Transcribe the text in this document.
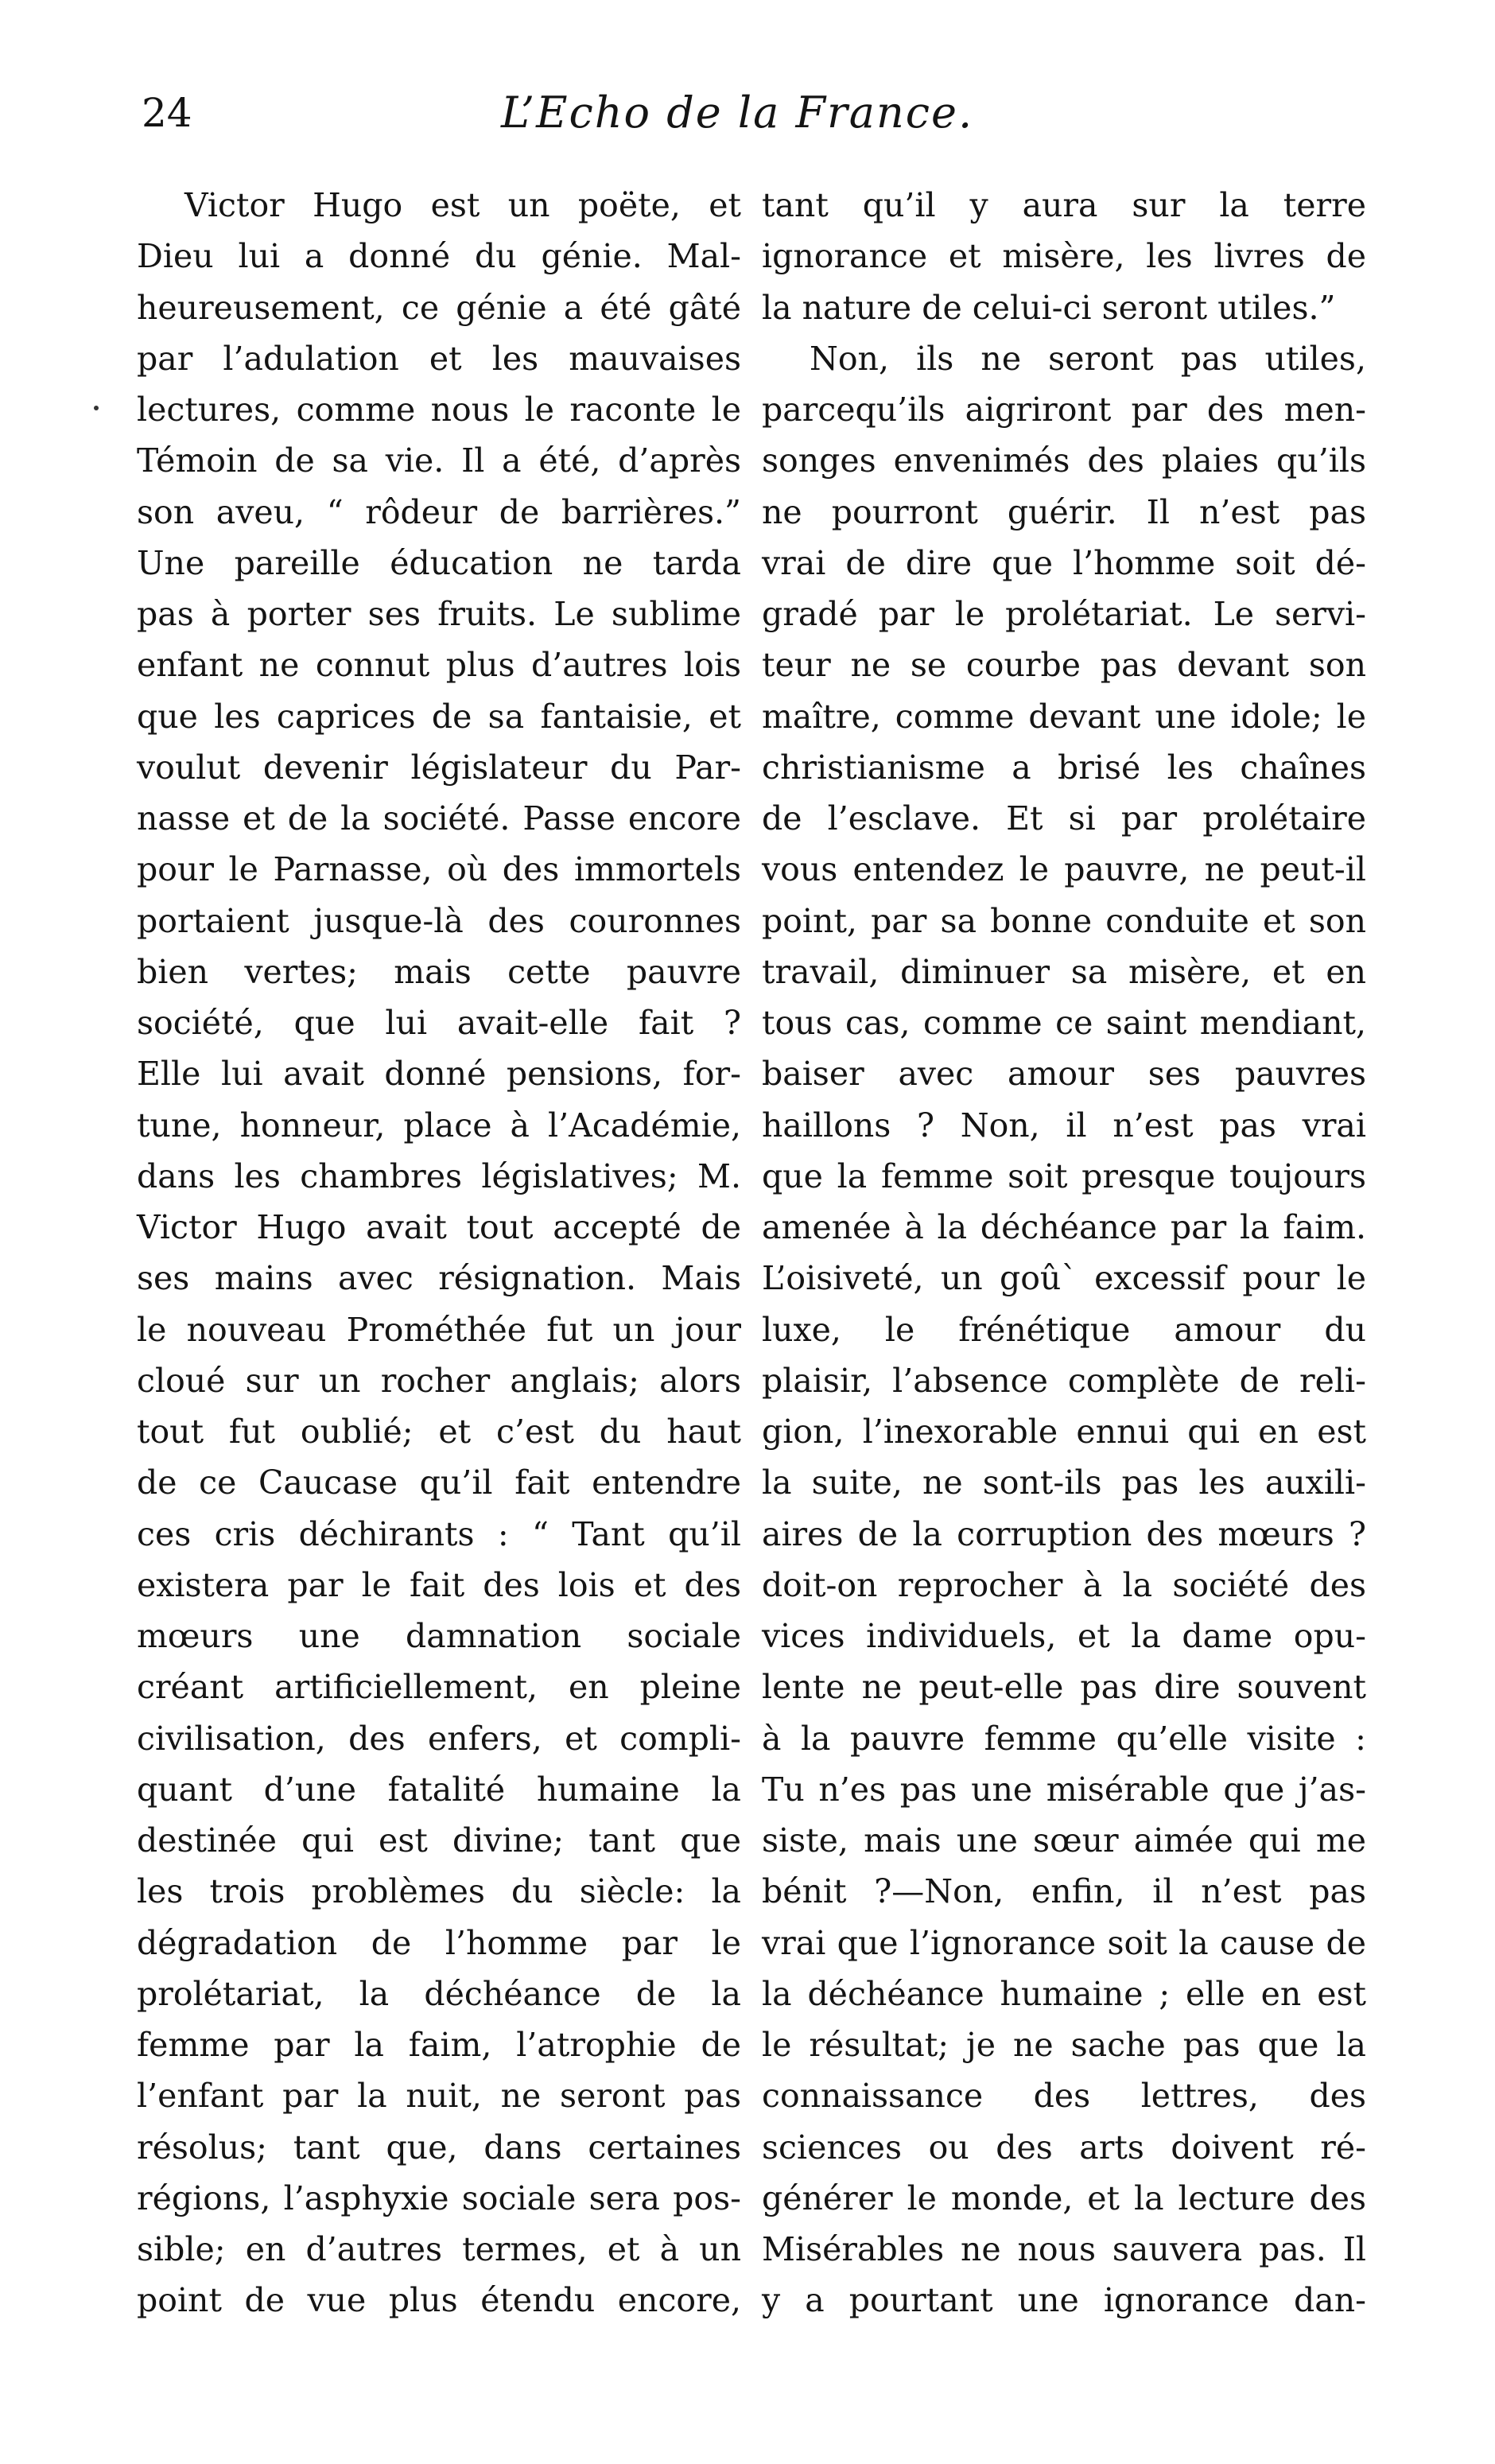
24	L’Echo de la France.
Victor Hugo est un poëte, et
Dieu lui a donné du génie. Mal-
heureusement, ce génie a été gâté
par l’adulation et les mauvaises
lectures, comme nous le raconte le
Témoin de sa vie. Il a été, d’après
son aveu, “ rôdeur de barrières.”
Une pareille éducation ne tarda
pas à porter ses fruits. Le sublime
enfant ne connut plus d’autres lois
que les caprices de sa fantaisie, et
voulut devenir législateur du Par-
nasse et de la société. Passe encore
pour le Parnasse, où des immortels
portaient jusque-là des couronnes
bien vertes; mais cette pauvre
société, que lui avait-elle fait ?
Elle lui avait donné pensions, for-
tune, honneur, place à l’Académie,
dans les chambres législatives; M.
Victor Hugo avait tout accepté de
ses mains avec résignation. Mais
le nouveau Prométhée fut un jour
cloué sur un rocher anglais; alors
tout fut oublié; et c’est du haut
de ce Caucase qu’il fait entendre
ces cris déchirants : “ Tant qu’il
existera par le fait des lois et des
mœurs une damnation sociale
créant artificiellement, en pleine
civilisation, des enfers, et compli-
quant d’une fatalité humaine la
destinée qui est divine; tant que
les trois problèmes du siècle: la
dégradation de l’homme par le
prolétariat, la déchéance de la
femme par la faim, l’atrophie de
l’enfant par la nuit, ne seront pas
résolus; tant que, dans certaines
régions, l’asphyxie sociale sera pos-
sible; en d’autres termes, et à un
point de vue plus étendu encore,
tant qu’il y aura sur la terre
ignorance et misère, les livres de
la nature de celui-ci seront utiles.”
Non, ils ne seront pas utiles,
parcequ’ils aigriront par des men-
songes envenimés des plaies qu’ils
ne pourront guérir. Il n’est pas
vrai de dire que l’homme soit dé-
gradé par le prolétariat. Le servi-
teur ne se courbe pas devant son
maître, comme devant une idole; le
christianisme a brisé les chaînes
de l’esclave. Et si par prolétaire
vous entendez le pauvre, ne peut-il
point, par sa bonne conduite et son
travail, diminuer sa misère, et en
tous cas, comme ce saint mendiant,
baiser avec amour ses pauvres
haillons ? Non, il n’est pas vrai
que la femme soit presque toujours
amenée à la déchéance par la faim.
L’oisiveté, un goû` excessif pour le
luxe, le frénétique amour du
plaisir, l’absence complète de reli-
gion, l’inexorable ennui qui en est
la suite, ne sont-ils pas les auxili-
aires de la corruption des mœurs ?
doit-on reprocher à la société des
vices individuels, et la dame opu-
lente ne peut-elle pas dire souvent
à la pauvre femme qu’elle visite :
Tu n’es pas une misérable que j’as-
siste, mais une sœur aimée qui me
bénit ?—Non, enfin, il n’est pas
vrai que l’ignorance soit la cause de
la déchéance humaine ; elle en est
le résultat; je ne sache pas que la
connaissance des lettres, des
sciences ou des arts doivent ré-
générer le monde, et la lecture des
Misérables ne nous sauvera pas. Il
y a pourtant une ignorance dan-
